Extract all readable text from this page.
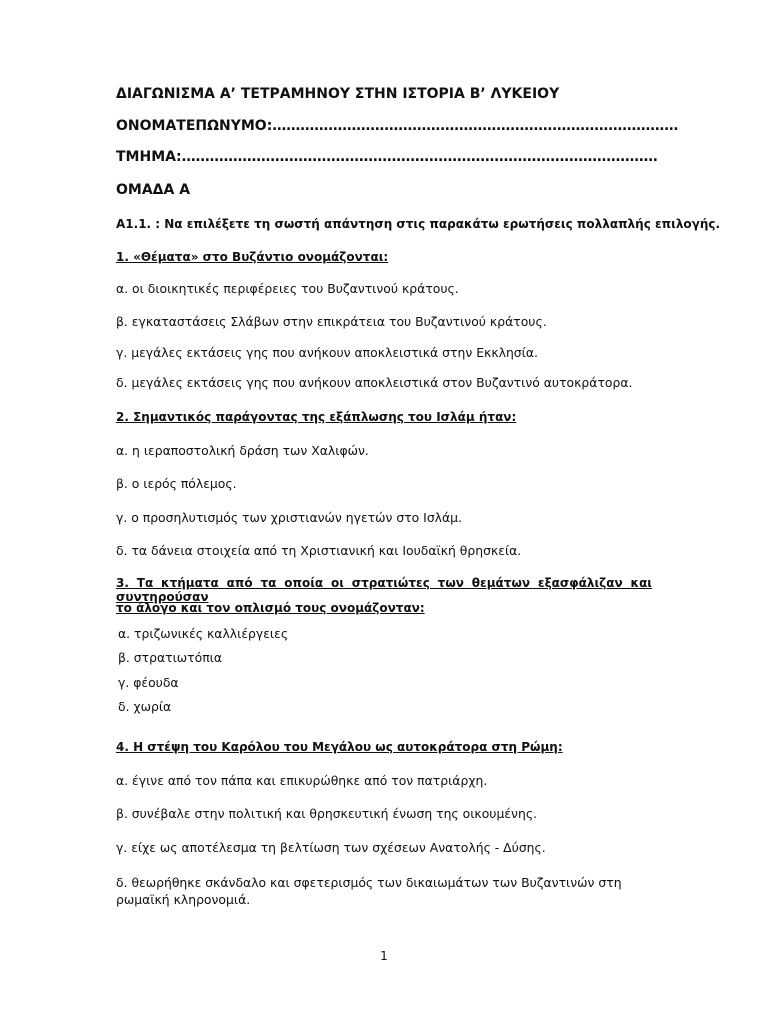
ΔΙΑΓΩΝΙΣΜΑ Α’ ΤΕΤΡΑΜΗΝΟΥ ΣΤΗΝ ΙΣΤΟΡΙΑ Β’ ΛΥΚΕΙΟΥ

ΟΝΟΜΑΤΕΠΩΝΥΜΟ:……………………………………………………………………………

ΤΜΗΜΑ:…………………………………………………………………………………………

ΟΜΑΔΑ Α

Α1.1. : Να επιλέξετε τη σωστή απάντηση στις παρακάτω ερωτήσεις πολλαπλής επιλογής.

1. «Θέματα» στο Βυζάντιο ονομάζονται:

α. οι διοικητικές περιφέρειες του Βυζαντινού κράτους.

β. εγκαταστάσεις Σλάβων στην επικράτεια του Βυζαντινού κράτους.

γ. μεγάλες εκτάσεις γης που ανήκουν αποκλειστικά στην Εκκλησία.

δ. μεγάλες εκτάσεις γης που ανήκουν αποκλειστικά στον Βυζαντινό αυτοκράτορα.

2. Σημαντικός παράγοντας της εξάπλωσης του Ισλάμ ήταν:

α. η ιεραποστολική δράση των Χαλιφών.

β. ο ιερός πόλεμος.

γ. ο προσηλυτισμός των χριστιανών ηγετών στο Ισλάμ.

δ. τα δάνεια στοιχεία από τη Χριστιανική και Ιουδαϊκή θρησκεία.

3. Τα κτήματα από τα οποία οι στρατιώτες των θεμάτων εξασφάλιζαν και συντηρούσαν

το άλογο και τον οπλισμό τους ονομάζονταν:

α. τριζωνικές καλλιέργειες

β. στρατιωτόπια

γ. φέουδα

δ. χωρία

4. Η στέψη του Καρόλου του Μεγάλου ως αυτοκράτορα στη Ρώμη:

α. έγινε από τον πάπα και επικυρώθηκε από τον πατριάρχη.

β. συνέβαλε στην πολιτική και θρησκευτική ένωση της οικουμένης.

γ. είχε ως αποτέλεσμα τη βελτίωση των σχέσεων Ανατολής - Δύσης.

δ. θεωρήθηκε σκάνδαλο και σφετερισμός των δικαιωμάτων των Βυζαντινών στη ρωμαϊκή κληρονομιά.

1
